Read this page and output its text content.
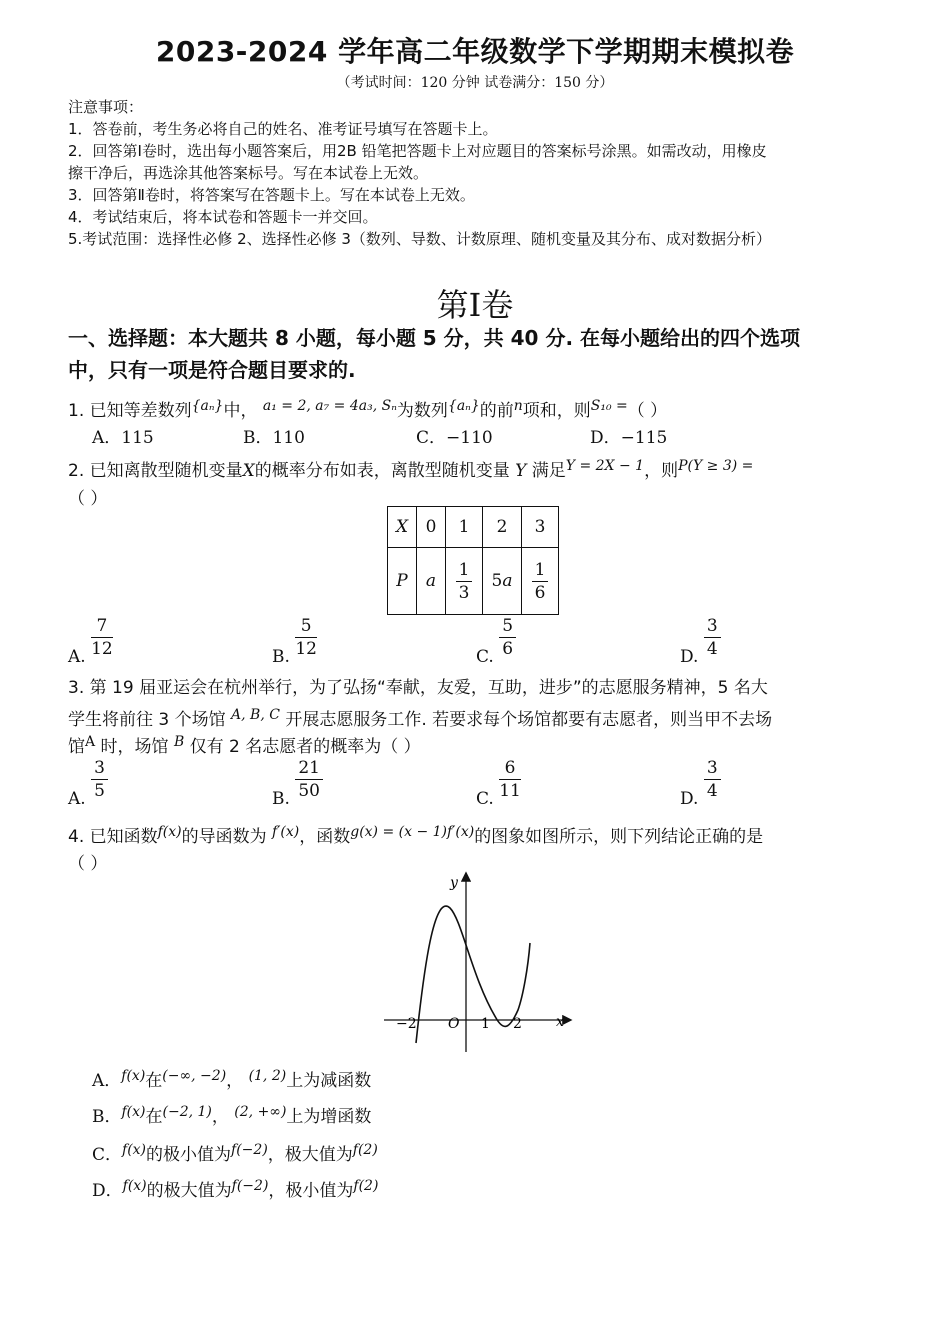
2023-2024 学年高二年级数学下学期期末模拟卷
（考试时间：120 分钟 试卷满分：150 分）
注意事项：
1．答卷前，考生务必将自己的姓名、准考证号填写在答题卡上。
2．回答第Ⅰ卷时，选出每小题答案后，用2B 铅笔把答题卡上对应题目的答案标号涂黑。如需改动，用橡皮
擦干净后，再选涂其他答案标号。写在本试卷上无效。
3．回答第Ⅱ卷时，将答案写在答题卡上。写在本试卷上无效。
4．考试结束后，将本试卷和答题卡一并交回。
5.考试范围：选择性必修 2、选择性必修 3（数列、导数、计数原理、随机变量及其分布、成对数据分析）
第I卷
一、选择题：本大题共 8 小题，每小题 5 分，共 40 分. 在每小题给出的四个选项
中，只有一项是符合题目要求的.
1. 已知等差数列$^{\{a_n\}}$中， $^{a_1 = 2, a_7 = 4a_3, S_n}$为数列$^{\{a_n\}}$的前$^n$项和，则$^{S_{10} =}$（ ）
A．115	B．110	C．−110	D．−115
2. 已知离散型随机变量X的概率分布如表，离散型随机变量 Y 满足$^{Y = 2X - 1}$，则$^{P(Y \ge 3) =}$
（ ）
X	0	1	2	3
P	a	$\frac{1}{3}$	5a	$\frac{1}{6}$
A. $\frac{7}{12}$	B. $\frac{5}{12}$	C. $\frac{5}{6}$	D. $\frac{3}{4}$
3. 第 19 届亚运会在杭州举行，为了弘扬“奉献，友爱，互助，进步”的志愿服务精神，5 名大
学生将前往 3 个场馆 $^{A, B, C}$ 开展志愿服务工作. 若要求每个场馆都要有志愿者，则当甲不去场
馆$^A$ 时，场馆 $^B$ 仅有 2 名志愿者的概率为（ ）
A. $\frac{3}{5}$	B. $\frac{21}{50}$	C. $\frac{6}{11}$	D. $\frac{3}{4}$
4. 已知函数$^{f(x)}$的导函数为 $^{f'(x)}$，函数$^{g(x) = (x - 1)f'(x)}$的图象如图所示，则下列结论正确的是
（ ）
y
x
O
−2	1 2
A．$^{f(x)}$在$^{(-\infty, -2)}$， $^{(1, 2)}$上为减函数
B．$^{f(x)}$在$^{(-2, 1)}$， $^{(2, +\infty)}$上为增函数
C．$^{f(x)}$的极小值为$^{f(-2)}$，极大值为$^{f(2)}$
D．$^{f(x)}$的极大值为$^{f(-2)}$，极小值为$^{f(2)}$
